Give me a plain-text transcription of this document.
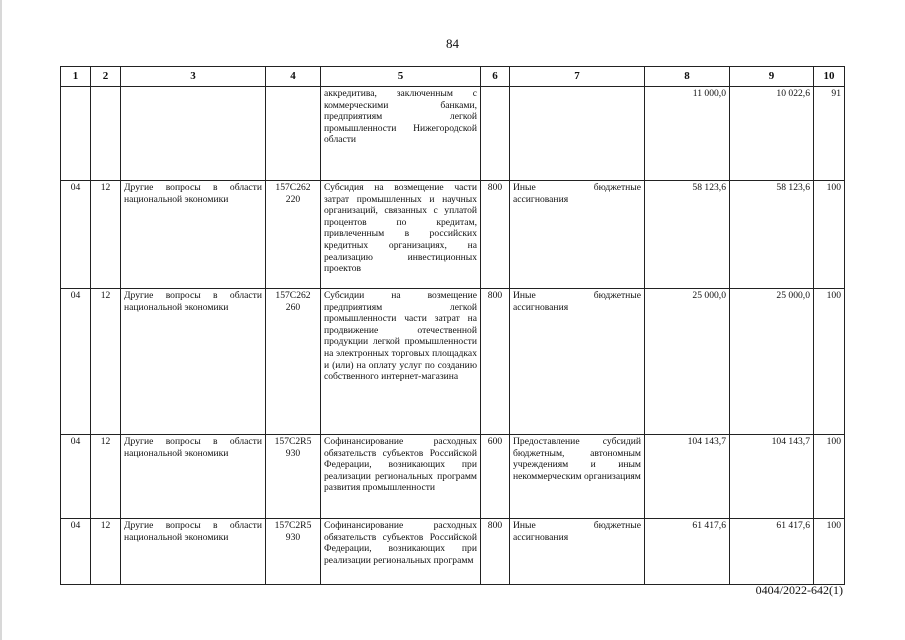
84
1	2	3	4	5	6	7	8	9	10
				аккредитива, заключенным с коммерческими банками, предприятиям легкой промышленности Нижегородской области			11 000,0	10 022,6	91
04	12	Другие вопросы в области национальной экономики	157С262 220	Субсидия на возмещение части затрат промышленных и научных организаций, связанных с уплатой процентов по кредитам, привлеченным в российских кредитных организациях, на реализацию инвестиционных проектов	800	Иные бюджетные ассигнования	58 123,6	58 123,6	100
04	12	Другие вопросы в области национальной экономики	157С262 260	Субсидии на возмещение предприятиям легкой промышленности части затрат на продвижение отечественной продукции легкой промышленности на электронных торговых площадках и (или) на оплату услуг по созданию собственного интернет-магазина	800	Иные бюджетные ассигнования	25 000,0	25 000,0	100
04	12	Другие вопросы в области национальной экономики	157С2R5 930	Софинансирование расходных обязательств субъектов Российской Федерации, возникающих при реализации региональных программ развития промышленности	600	Предоставление субсидий бюджетным, автономным учреждениям и иным некоммерческим организациям	104 143,7	104 143,7	100
04	12	Другие вопросы в области национальной экономики	157С2R5 930	Софинансирование расходных обязательств субъектов Российской Федерации, возникающих при реализации региональных программ	800	Иные бюджетные ассигнования	61 417,6	61 417,6	100
0404/2022-642(1)
